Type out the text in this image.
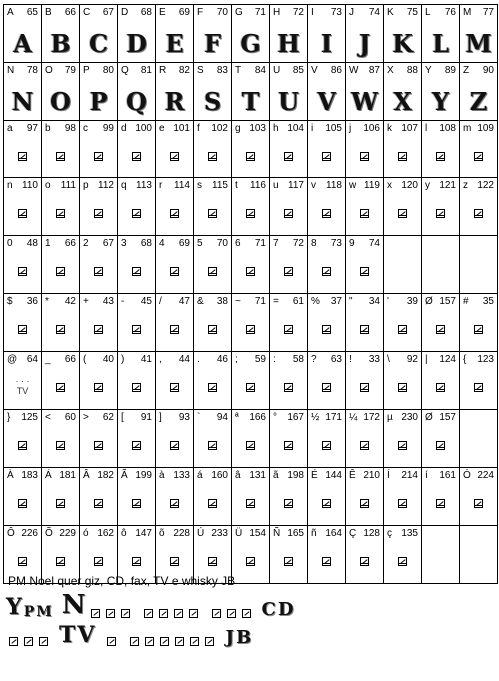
A 65
A
B 66
B
C 67
C
D 68
D
E 69
E
F 70
F
G 71
G
H 72
H
I 73
I
J 74
J
K 75
K
L 76
L
M 77
M
N 78
N
O 79
O
P 80
P
Q 81
Q
R 82
R
S 83
S
T 84
T
U 85
U
V 86
V
W 87
W
X 88
X
Y 89
Y
Z 90
Z
a 97 b 98 c 99 d 100 e 101 f 102 g 103 h 104 i 105 j 106 k 107 l 108 m 109
n 110 o 111 p 112 q 113 r 114 s 115 t 116 u 117 v 118 w 119 x 120 y 121 z 122
0 48 1 66 2 67 3 68 4 69 5 70 6 71 7 72 8 73 9 74
$ 36 * 42 + 43 - 45 / 47 & 38 ~ 71 = 61 % 37 " 34 ' 39 Ø 157 # 35
@ 64
· · ·
TV
_ 66 ( 40 ) 41 , 44 . 46 ; 59 : 58 ? 63 ! 33 \ 92 | 124 { 123
} 125 < 60 > 62 [ 91 ] 93 ` 94 ª 166 ° 167 ½ 171 ¼ 172 µ 230 Ø 157
À 183 Á 181 Â 182 Ã 199 à 133 á 160 â 131 ã 198 É 144 Ê 210 Í 214 í 161 Ó 224
Ô 226 Õ 229 ó 162 ô 147 õ 228 Ú 233 Ü 154 Ñ 165 ñ 164 Ç 128 ç 135
PM Noel quer giz, CD, fax, TV e whisky JB
Y P M N	C D
T V	J B
